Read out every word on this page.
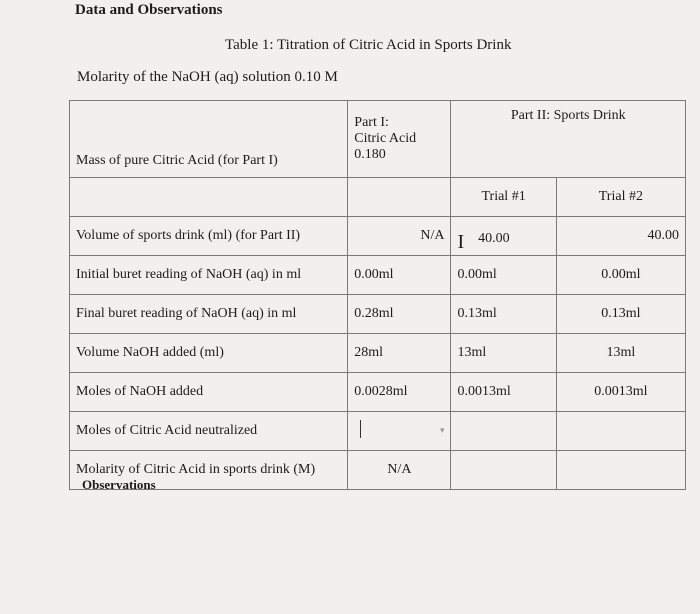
Data and Observations
Table 1: Titration of Citric Acid in Sports Drink
Molarity of the NaOH (aq) solution 0.10 M
Mass of pure Citric Acid (for Part I)	Part I:
Citric Acid
0.180	Part II: Sports Drink	

		Trial #1	Trial #2
Volume of sports drink (ml) (for Part II)	N/A	I 40.00	40.00
Initial buret reading of NaOH (aq) in ml	0.00ml	0.00ml	0.00ml
Final buret reading of NaOH (aq) in ml	0.28ml	0.13ml	0.13ml
Volume NaOH added (ml)	28ml	13ml	13ml
Moles of NaOH added	0.0028ml	0.0013ml	0.0013ml
Moles of Citric Acid neutralized	▾		

Molarity of Citric Acid in sports drink (M)	N/A		
Observations
